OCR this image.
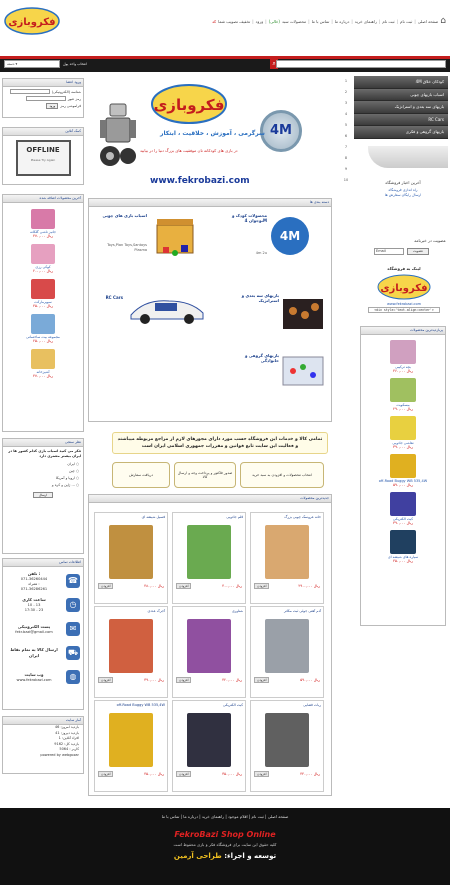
فکروبازی	⌂
صفحه اصلی
|
ثبت نام
|
ثبت نام
|
راهنمای خرید
|
درباره ما
|
تماس با ما
|
محصولات سبد
(خالی)
|
ورود
|
تخفیف تصویب شما
کد
⌕
دسته ▾	انتخاب واحد پول
ورود اعضا
شناسه (الکترونیکی)
رمز عبور
فراموشی رمز
ورود
کمک آنلاین
OFFLINE
Please Try Again
آخرین محصولات اضافه شده
جانیز ناشی گلکانه
۴۷۰,۰۰۰ ریال
کوکی رزی
۲۰۰,۰۰۰ ریال
سوپرمارکت
۴۵۰,۰۰۰ ریال
مجموعه بیت ساختمانی
۲۵۰,۰۰۰ ریال
آشپزخانه
۴۷۰,۰۰۰ ریال
نظر سنجی
فکر می کنید اسباب بازی کدام کشور ها در ایران بیشتر مشتری دارد
ایران ○
چین ○
اروپا و آمریکا ○
ژاپن و کره و ... ○
ارسال
اطلاعات تماس
☎
تلفن :
071-36260444
همراه :
071-36286261
◷
ساعت کاری
10 - 13
17:30 - 23
✉
پست الکترونیکی
fekr.bazi@gmail.com
⛟
ارسال کالا به تمام نقاط ایران
◍
وب سایت
www.fekrobazi.com
آمار سایت
بازدید امروز: 46
بازدید دیروز: 41
افراد آنلاین: 1
بازدید کل: 9162
کاربر : 5064
powered by webgozar
فکروبازی
4M
سرگرمی ، آموزش ، خلاقیت ، ابتکار
در بازی های کودکانه تان موفقیت های بزرگ دنیا را در بیابید
www.fekrobazi.com
دسته بندی ها
اسباب بازی های چوبی
Toys,Plan Toys,Santoys Plasma
4M
محصولات کودک و نوجوان 4M
4m 2u
RC Cars	بازیهای سه بعدی و استراتژیک
بازیهای گروهی و خانوادگی
تمامی کالا و خدمات این فروشگاه حسب مورد دارای مجوزهای لازم از مراجع مربوطه میباشند و فعالیت این سایت تابع قوانین و مقررات جمهوری اسلامی ایران است
دریافت سفارش	صدور فاکتور و پرداخت وجه و ارسال کالا	انتخاب محصولات و افزودن به سبد خرید
جدیدترین محصولات
خانه عروسک چوبی بزرگ
۲۹۰۰,۰۰۰ ریال
افزودن
قلم جادویی
۴۰۰,۰۰۰ ریال
افزودن
فسیل شیشه ای
۴۸۰,۰۰۰ ریال
افزودن
آدم آهنی جوئی ثبت مکاتر
۵۹۰,۰۰۰ ریال
افزودن
شناوری
۴۲۰,۰۰۰ ریال
افزودن
آجرک عددی
۳۹۰,۰۰۰ ریال
افزودن
ربات فضایی
۴۴۰,۰۰۰ ریال
افزودن
کیت الکتریکی
۳۵۰,۰۰۰ ریال
افزودن
off-Road Buggy WB 535,4W
۴۵۰,۰۰۰ ریال
افزودن
1
2
3
4
5
6
7
8
9
10
4M کودکان خلاق
اسباب بازیهای چوبی
بازیهای سه بعدی و استراتژیک
RC Cars
بازیهای گروهی و فکری
آخرین اخبار فروشگاه
راه اندازی فروشگاه
ارسال رایگان سفارش ها
عضویت در خبرنامه
Email	عضویت
لینک به فروشگاه
فکروبازی
www.fekrobazi.com
<div style='text-align:center'>
پربازدیدترین محصولات
بچه ترکیبی
۴۶۰,۰۰۰ ریال
بیسکویت
۲۹۰,۰۰۰ ریال
نقاشی جادویی
۳۹۰,۰۰۰ ریال
off-Road Buggy WB 535,4W
۵۹۰,۰۰۰ ریال
کیت الکتریکی
۳۹۰,۰۰۰ ریال
سیاره های شیشه ای
۴۵۰,۰۰۰ ریال
صفحه اصلی | ثبت نام | اقلام موجود | راهنمای خرید | درباره ما | تماس با ما
FekroBazi Shop Online
کلیه حقوق این سایت برای فروشگاه فکر و بازی محفوظ است
توسعه و اجراء: طراحی آرمین
